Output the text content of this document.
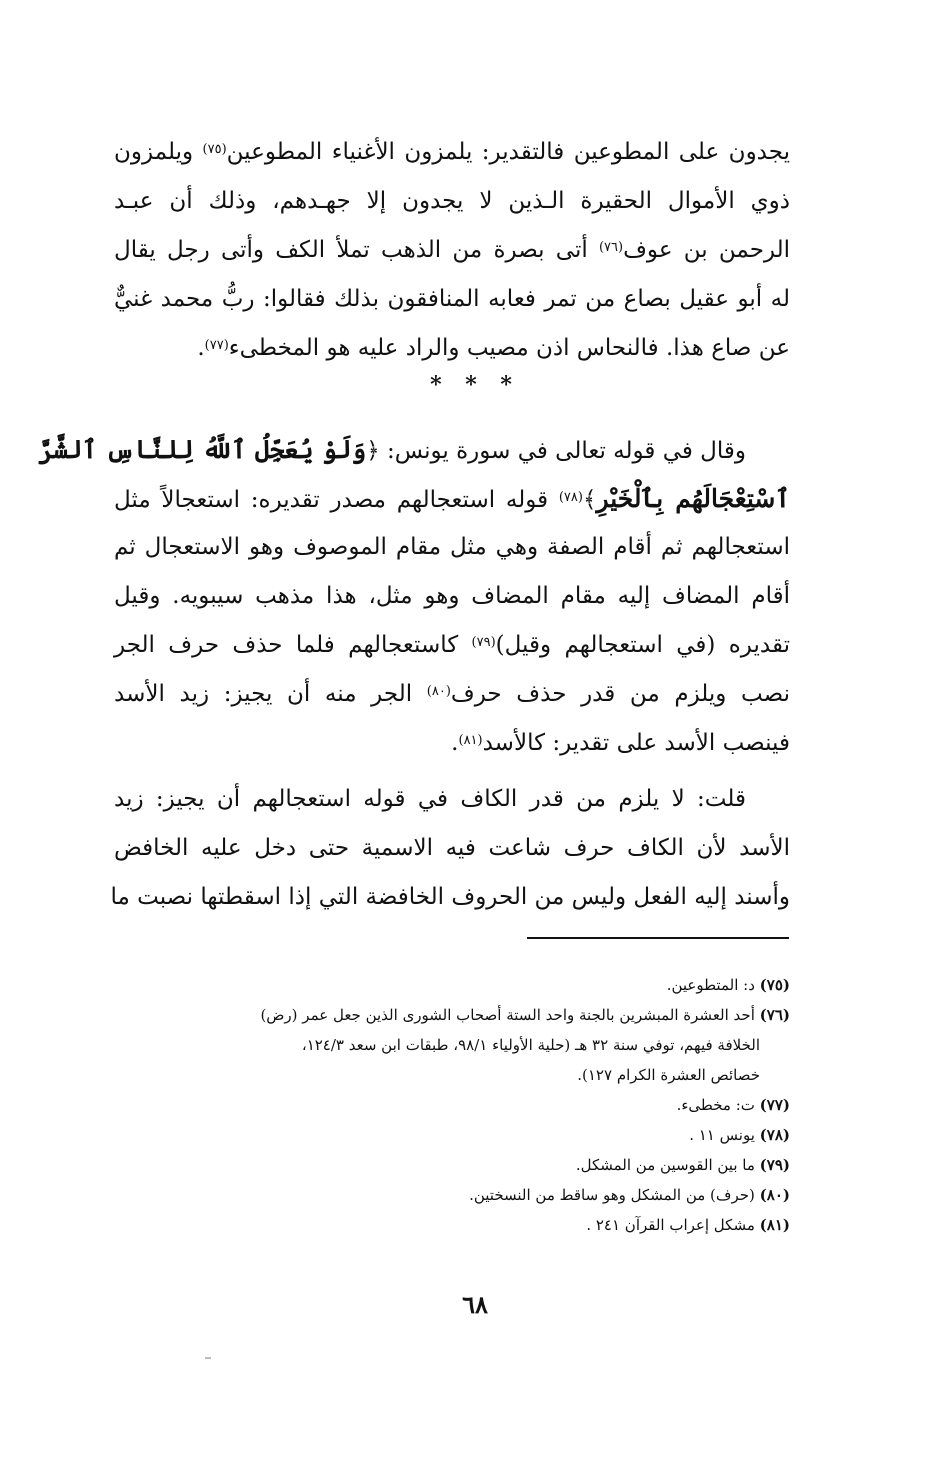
يجدون على المطوعين فالتقدير: يلمزون الأغنياء المطوعين$^{(٧٥)}$ ويلمزون
ذوي الأموال الحقيرة الـذين لا يجدون إلا جهـدهم، وذلك أن عبـد
الرحمن بن عوف$^{(٧٦)}$ أتى بصرة من الذهب تملأ الكف وأتى رجل يقال
له أبو عقيل بصاع من تمر فعابه المنافقون بذلك فقالوا: ربُّ محمد غنيٌّ
عن صاع هذا. فالنحاس اذن مصيب والراد عليه هو المخطىء$^{(٧٧)}$.
* * *
وقال في قوله تعالى في سورة يونس: ﴿وَلَوْ يُعَجِّلُ ٱللَّهُ لِلنَّاسِ ٱلشَّرَّ
ٱسْتِعْجَالَهُم بِٱلْخَيْرِ﴾$^{(٧٨)}$ قوله استعجالهم مصدر تقديره: استعجالاً مثل
استعجالهم ثم أقام الصفة وهي مثل مقام الموصوف وهو الاستعجال ثم
أقام المضاف إليه مقام المضاف وهو مثل، هذا مذهب سيبويه. وقيل
تقديره (في استعجالهم وقيل)$^{(٧٩)}$ كاستعجالهم فلما حذف حرف الجر
نصب ويلزم من قدر حذف حرف$^{(٨٠)}$ الجر منه أن يجيز: زيد الأسد
فينصب الأسد على تقدير: كالأسد$^{(٨١)}$.
قلت: لا يلزم من قدر الكاف في قوله استعجالهم أن يجيز: زيد
الأسد لأن الكاف حرف شاعت فيه الاسمية حتى دخل عليه الخافض
وأسند إليه الفعل وليس من الحروف الخافضة التي إذا اسقطتها نصبت ما
(٧٥) د: المتطوعين.
(٧٦) أحد العشرة المبشرين بالجنة واحد الستة أصحاب الشورى الذين جعل عمر (رض)
الخلافة فيهم، توفي سنة ٣٢ هـ (حلية الأولياء ٩٨/١، طبقات ابن سعد ١٢٤/٣،
خصائص العشرة الكرام ١٢٧).
(٧٧) ت: مخطىء.
(٧٨) يونس ١١ .
(٧٩) ما بين القوسين من المشكل.
(٨٠) (حرف) من المشكل وهو ساقط من النسختين.
(٨١) مشكل إعراب القرآن ٢٤١ .
٦٨
